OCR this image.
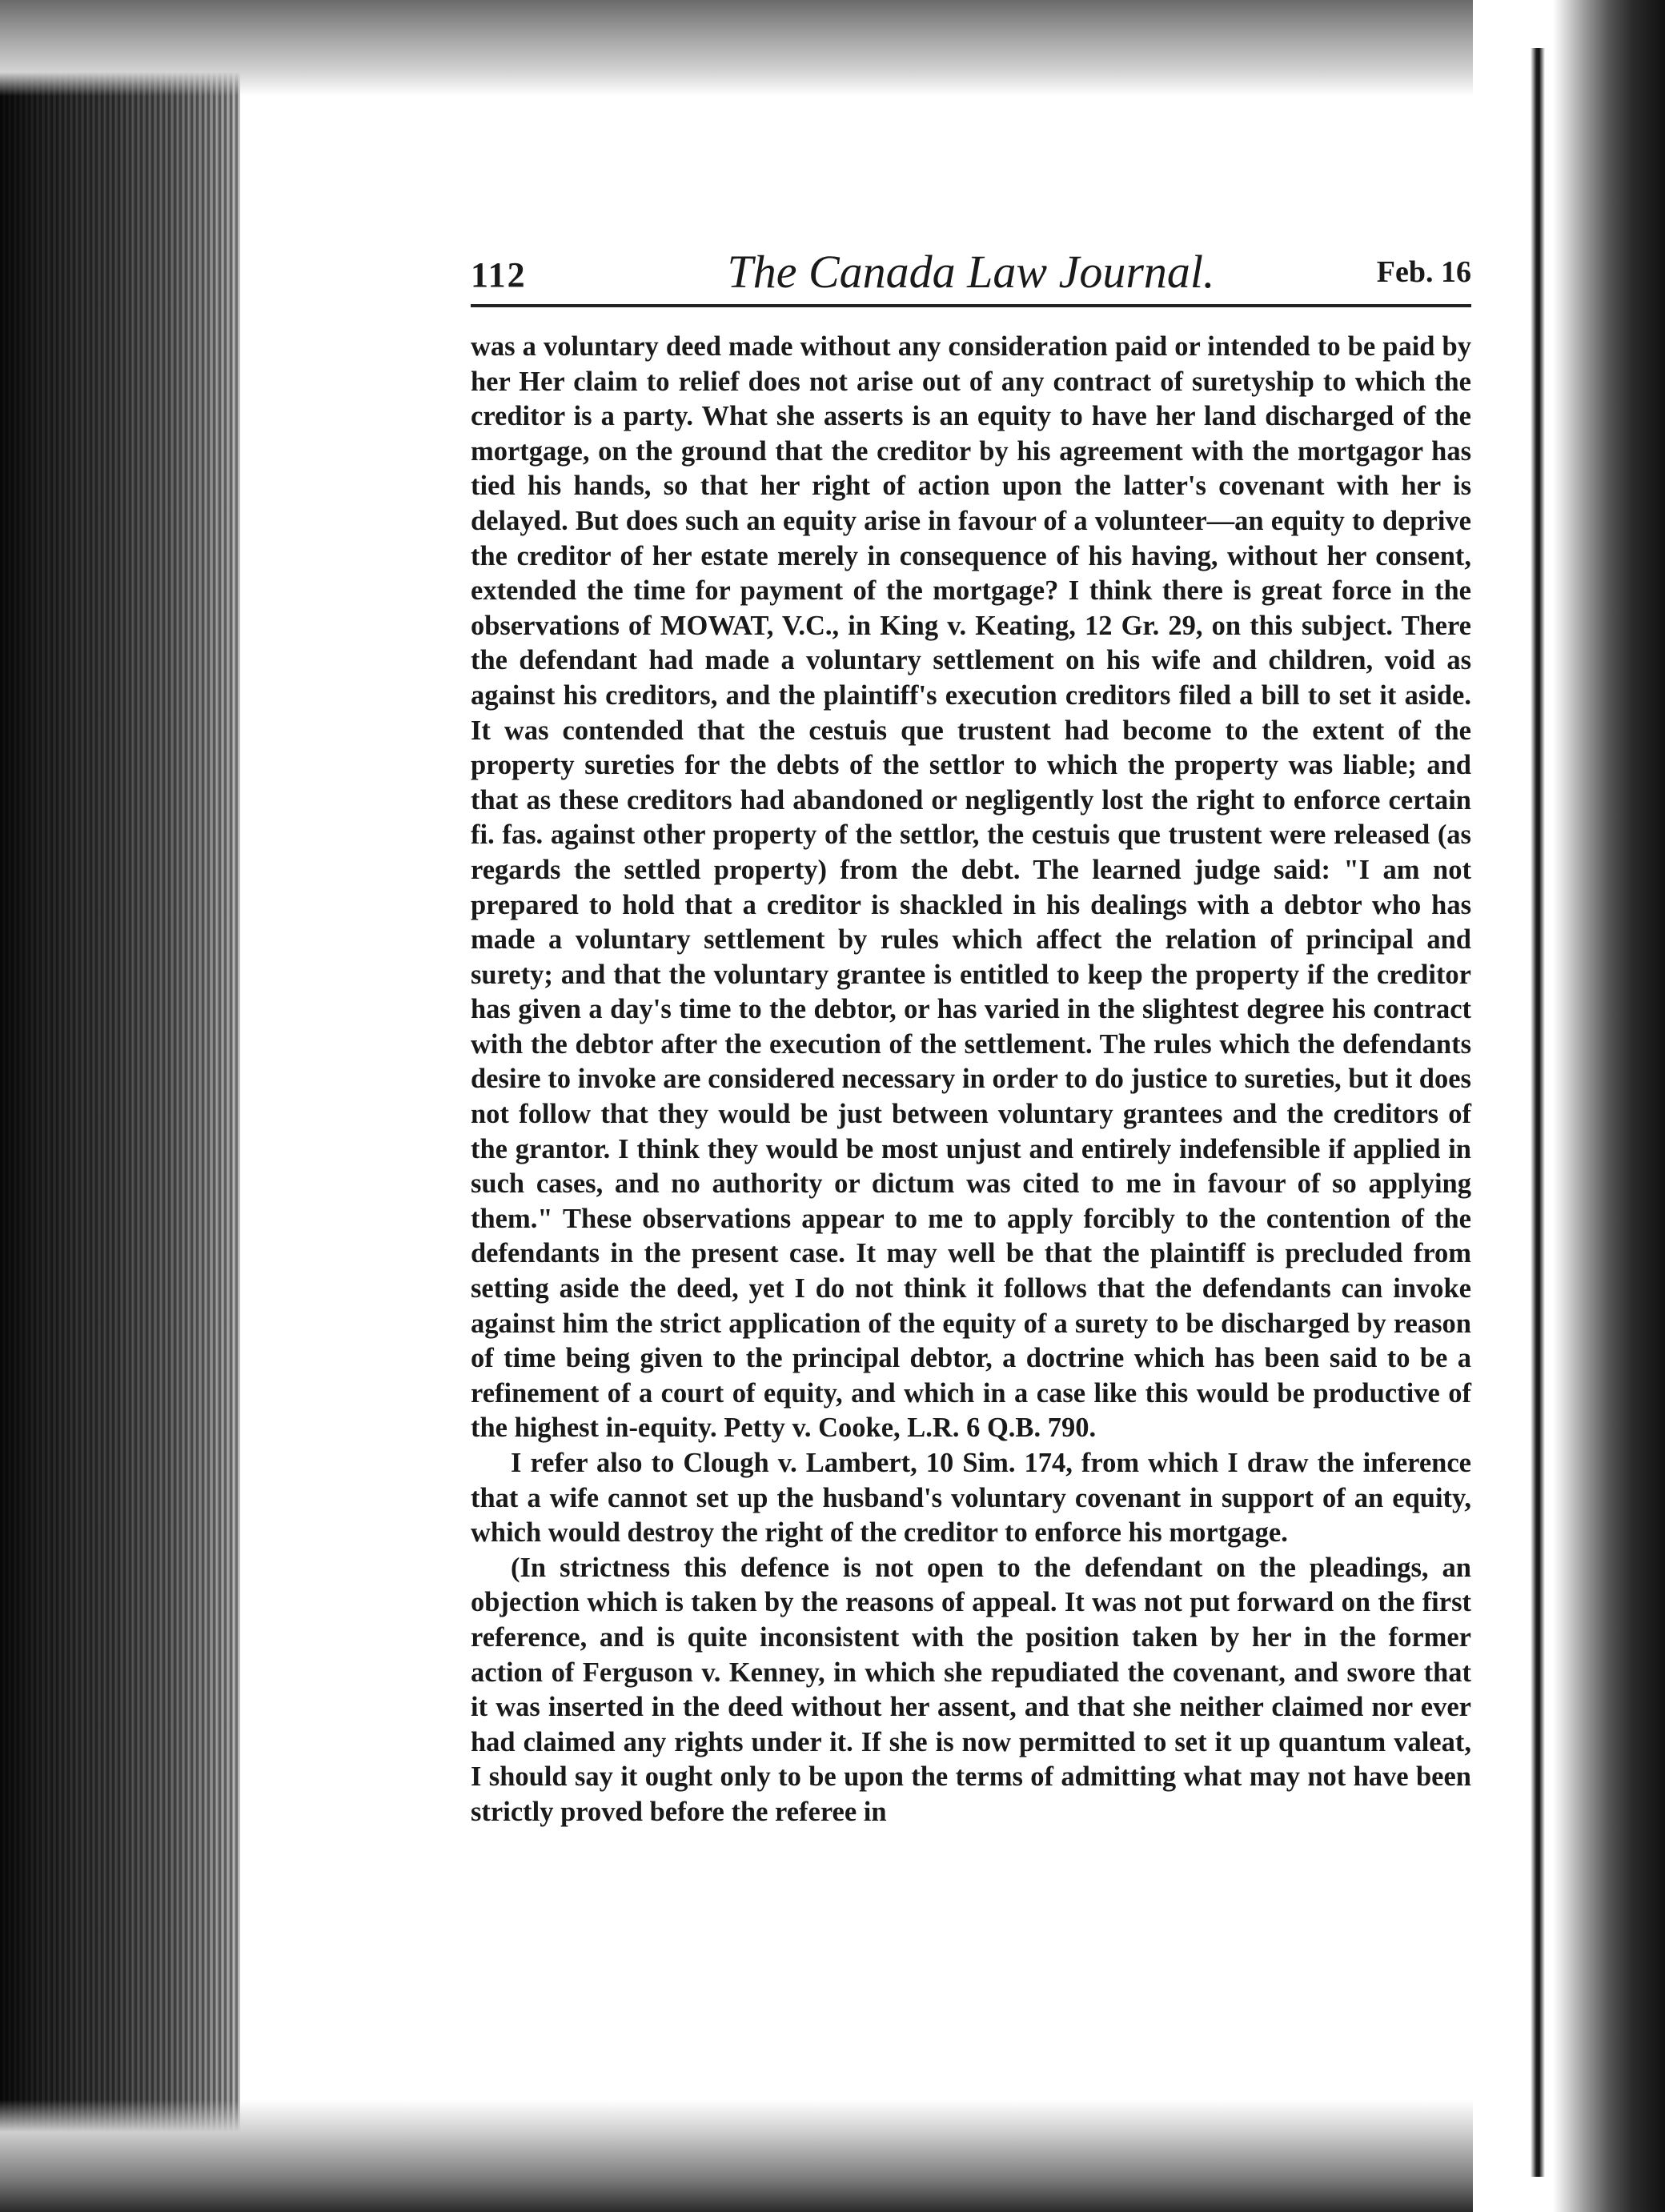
112	The Canada Law Journal.	Feb. 16

was a voluntary deed made without any consideration paid or intended to be paid by her Her claim to relief does not arise out of any contract of suretyship to which the creditor is a party. What she asserts is an equity to have her land discharged of the mortgage, on the ground that the creditor by his agreement with the mortgagor has tied his hands, so that her right of action upon the latter's covenant with her is delayed. But does such an equity arise in favour of a volunteer—an equity to deprive the creditor of her estate merely in consequence of his having, without her consent, extended the time for payment of the mortgage? I think there is great force in the observations of MOWAT, V.C., in King v. Keating, 12 Gr. 29, on this subject. There the defendant had made a voluntary settlement on his wife and children, void as against his creditors, and the plaintiff's execution creditors filed a bill to set it aside. It was contended that the cestuis que trustent had become to the extent of the property sureties for the debts of the settlor to which the property was liable; and that as these creditors had abandoned or negligently lost the right to enforce certain fi. fas. against other property of the settlor, the cestuis que trustent were released (as regards the settled property) from the debt. The learned judge said: "I am not prepared to hold that a creditor is shackled in his dealings with a debtor who has made a voluntary settlement by rules which affect the relation of principal and surety; and that the voluntary grantee is entitled to keep the property if the creditor has given a day's time to the debtor, or has varied in the slightest degree his contract with the debtor after the execution of the settlement. The rules which the defendants desire to invoke are considered necessary in order to do justice to sureties, but it does not follow that they would be just between voluntary grantees and the creditors of the grantor. I think they would be most unjust and entirely indefensible if applied in such cases, and no authority or dictum was cited to me in favour of so applying them." These observations appear to me to apply forcibly to the contention of the defendants in the present case. It may well be that the plaintiff is precluded from setting aside the deed, yet I do not think it follows that the defendants can invoke against him the strict application of the equity of a surety to be discharged by reason of time being given to the principal debtor, a doctrine which has been said to be a refinement of a court of equity, and which in a case like this would be productive of the highest in-equity. Petty v. Cooke, L.R. 6 Q.B. 790.

I refer also to Clough v. Lambert, 10 Sim. 174, from which I draw the inference that a wife cannot set up the husband's voluntary covenant in support of an equity, which would destroy the right of the creditor to enforce his mortgage.

(In strictness this defence is not open to the defendant on the pleadings, an objection which is taken by the reasons of appeal. It was not put forward on the first reference, and is quite inconsistent with the position taken by her in the former action of Ferguson v. Kenney, in which she repudiated the covenant, and swore that it was inserted in the deed without her assent, and that she neither claimed nor ever had claimed any rights under it. If she is now permitted to set it up quantum valeat, I should say it ought only to be upon the terms of admitting what may not have been strictly proved before the referee in
